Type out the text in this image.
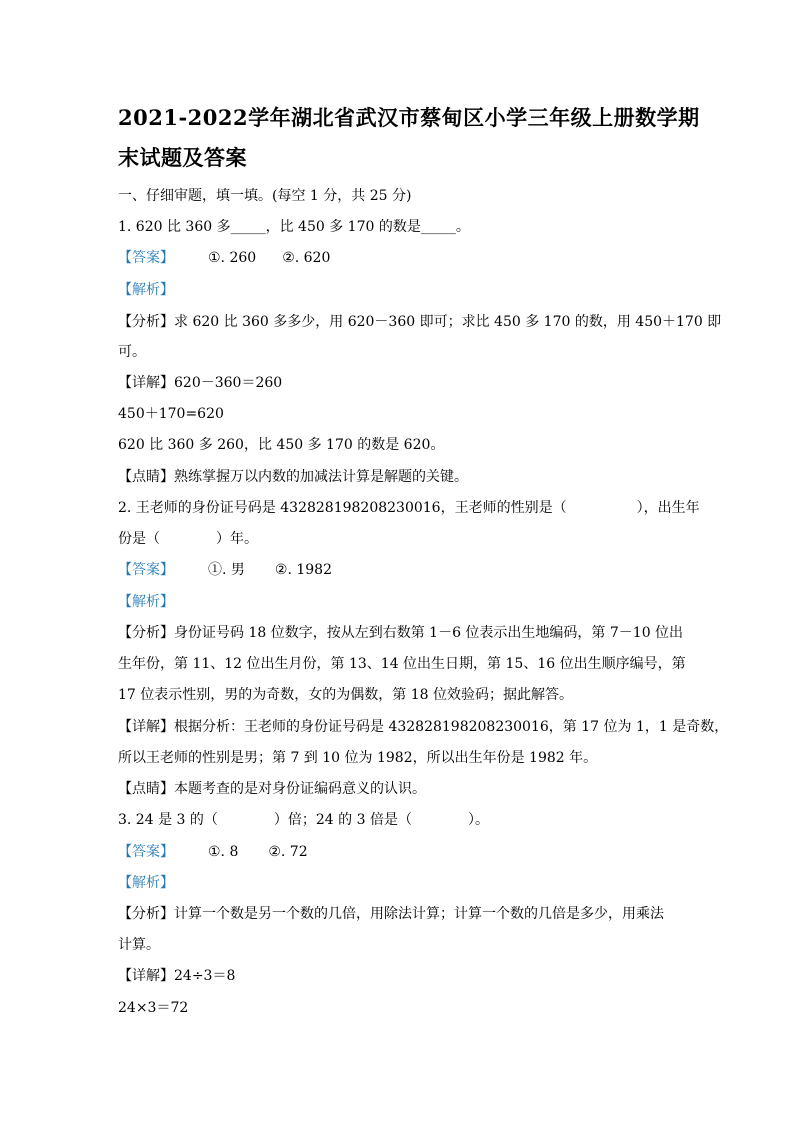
2021-2022学年湖北省武汉市蔡甸区小学三年级上册数学期
末试题及答案
一、仔细审题，填一填。(每空 1 分，共 25 分)
1. 620 比 360 多_____，比 450 多 170 的数是_____。
【答案】 ①. 260 ②. 620
【解析】
【分析】求 620 比 360 多多少，用 620－360 即可；求比 450 多 170 的数，用 450＋170 即
可。
【详解】620－360＝260
450＋170=620
620 比 360 多 260，比 450 多 170 的数是 620。
【点睛】熟练掌握万以内数的加减法计算是解题的关键。
2. 王老师的身份证号码是 432828198208230016，王老师的性别是（　　　　　），出生年
份是（　　　　）年。
【答案】 ①. 男 ②. 1982
【解析】
【分析】身份证号码 18 位数字，按从左到右数第 1－6 位表示出生地编码，第 7－10 位出
生年份，第 11、12 位出生月份，第 13、14 位出生日期，第 15、16 位出生顺序编号，第
17 位表示性别，男的为奇数，女的为偶数，第 18 位效验码；据此解答。
【详解】根据分析：王老师的身份证号码是 432828198208230016，第 17 位为 1，1 是奇数，
所以王老师的性别是男；第 7 到 10 位为 1982，所以出生年份是 1982 年。
【点睛】本题考查的是对身份证编码意义的认识。
3. 24 是 3 的（　　　　）倍；24 的 3 倍是（　　　　）。
【答案】 ①. 8 ②. 72
【解析】
【分析】计算一个数是另一个数的几倍，用除法计算；计算一个数的几倍是多少，用乘法
计算。
【详解】24÷3＝8
24×3＝72
